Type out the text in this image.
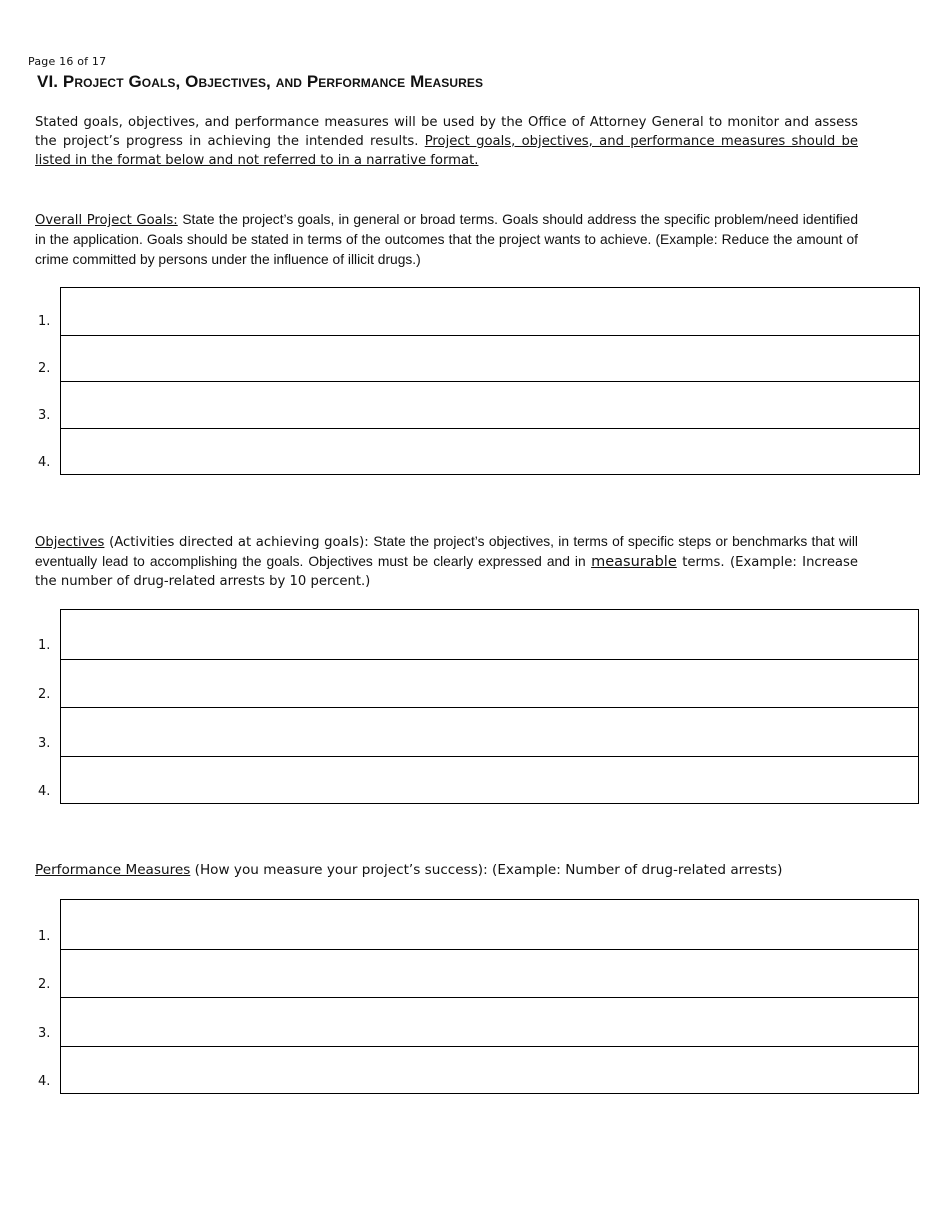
Page 16 of 17
VI. Project Goals, Objectives, and Performance Measures
Stated goals, objectives, and performance measures will be used by the Office of Attorney General to monitor and assess the project’s progress in achieving the intended results. Project goals, objectives, and performance measures should be listed in the format below and not referred to in a narrative format.
Overall Project Goals: State the project’s goals, in general or broad terms. Goals should address the specific problem/need identified in the application. Goals should be stated in terms of the outcomes that the project wants to achieve. (Example: Reduce the amount of crime committed by persons under the influence of illicit drugs.)
1.
2.
3.
4.
Objectives (Activities directed at achieving goals): State the project’s objectives, in terms of specific steps or benchmarks that will eventually lead to accomplishing the goals. Objectives must be clearly expressed and in measurable terms. (Example: Increase the number of drug-related arrests by 10 percent.)
1.
2.
3.
4.
Performance Measures (How you measure your project’s success): (Example: Number of drug-related arrests)
1.
2.
3.
4.
